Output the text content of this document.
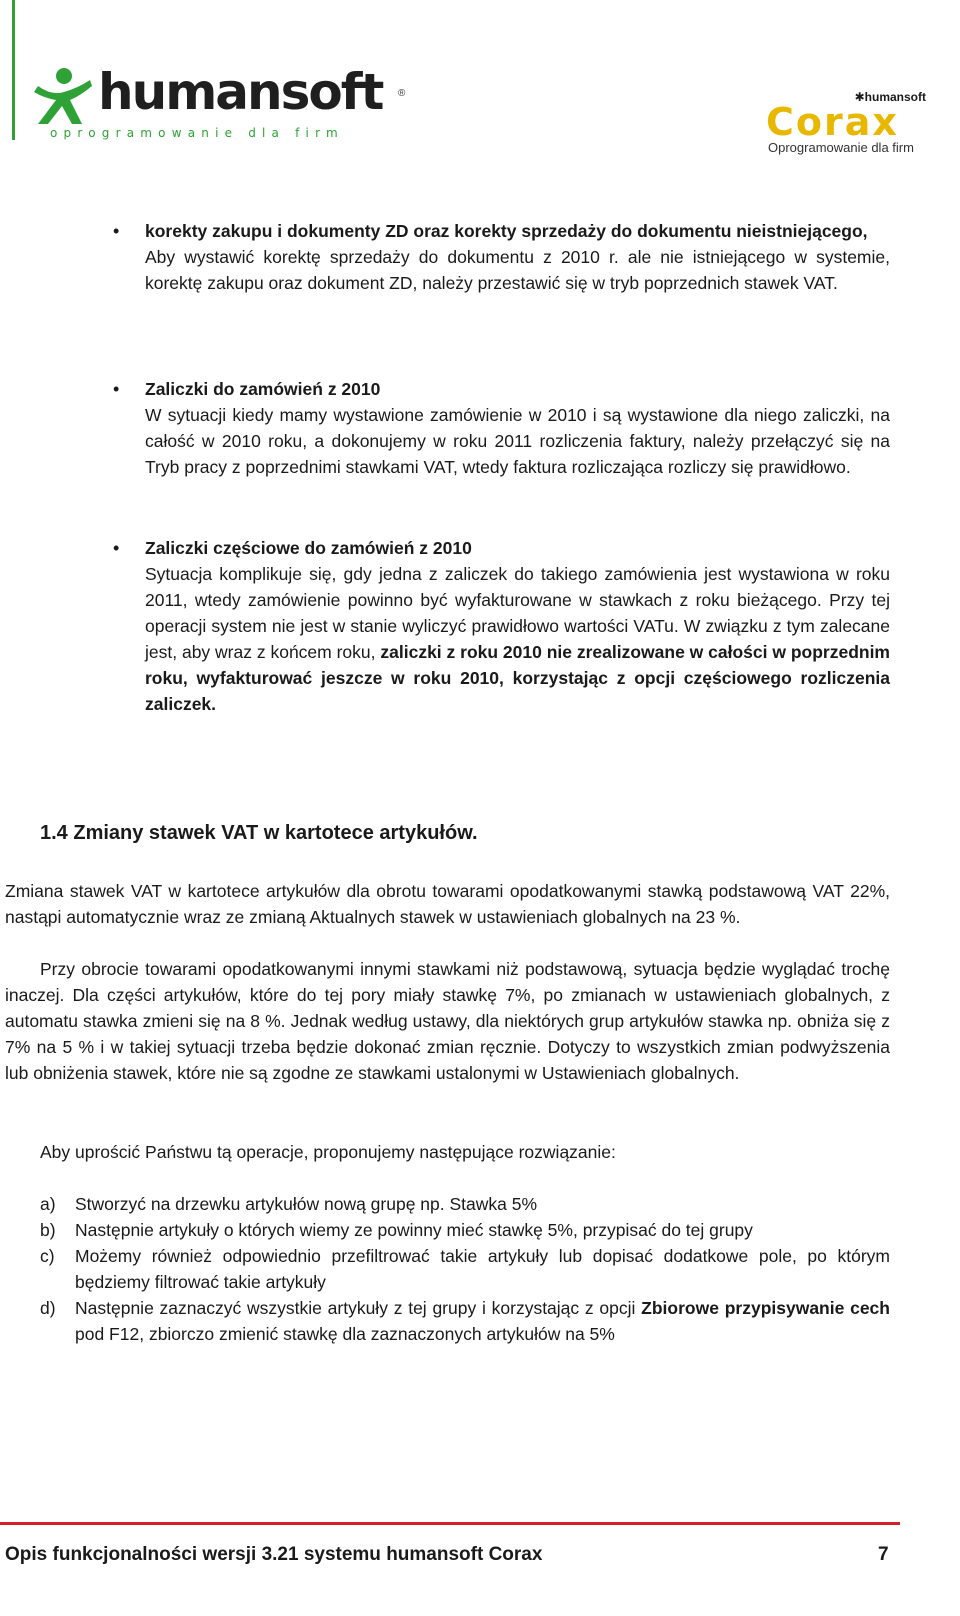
humansoft ®
oprogramowanie dla firm
✱humansoft
Corax
Oprogramowanie dla firm
• korekty zakupu i dokumenty ZD oraz korekty sprzedaży do dokumentu nieistniejącego,
Aby wystawić korektę sprzedaży do dokumentu z 2010 r. ale nie istniejącego w systemie, korektę zakupu oraz dokument ZD, należy przestawić się w tryb poprzednich stawek VAT.
• Zaliczki do zamówień z 2010
W sytuacji kiedy mamy wystawione zamówienie w 2010 i są wystawione dla niego zaliczki, na całość w 2010 roku, a dokonujemy w roku 2011 rozliczenia faktury, należy przełączyć się na Tryb pracy z poprzednimi stawkami VAT, wtedy faktura rozliczająca rozliczy się prawidłowo.
• Zaliczki częściowe do zamówień z 2010
Sytuacja komplikuje się, gdy jedna z zaliczek do takiego zamówienia jest wystawiona w roku 2011, wtedy zamówienie powinno być wyfakturowane w stawkach z roku bieżącego. Przy tej operacji system nie jest w stanie wyliczyć prawidłowo wartości VATu. W związku z tym zalecane jest, aby wraz z końcem roku, zaliczki z roku 2010 nie zrealizowane w całości w poprzednim roku, wyfakturować jeszcze w roku 2010, korzystając z opcji częściowego rozliczenia zaliczek.
1.4 Zmiany stawek VAT w kartotece artykułów.
Zmiana stawek VAT w kartotece artykułów dla obrotu towarami opodatkowanymi stawką podstawową VAT 22%, nastąpi automatycznie wraz ze zmianą Aktualnych stawek w ustawieniach globalnych na 23 %.
Przy obrocie towarami opodatkowanymi innymi stawkami niż podstawową, sytuacja będzie wyglądać trochę inaczej. Dla części artykułów, które do tej pory miały stawkę 7%, po zmianach w ustawieniach globalnych, z automatu stawka zmieni się na 8 %. Jednak według ustawy, dla niektórych grup artykułów stawka np. obniża się z 7% na 5 % i w takiej sytuacji trzeba będzie dokonać zmian ręcznie. Dotyczy to wszystkich zmian podwyższenia lub obniżenia stawek, które nie są zgodne ze stawkami ustalonymi w Ustawieniach globalnych.
Aby uprościć Państwu tą operacje, proponujemy następujące rozwiązanie:
a) Stworzyć na drzewku artykułów nową grupę np. Stawka 5%
b) Następnie artykuły o których wiemy ze powinny mieć stawkę 5%, przypisać do tej grupy
c) Możemy również odpowiednio przefiltrować takie artykuły lub dopisać dodatkowe pole, po którym będziemy filtrować takie artykuły
d) Następnie zaznaczyć wszystkie artykuły z tej grupy i korzystając z opcji Zbiorowe przypisywanie cech pod F12, zbiorczo zmienić stawkę dla zaznaczonych artykułów na 5%
Opis funkcjonalności wersji 3.21 systemu humansoft Corax	7
